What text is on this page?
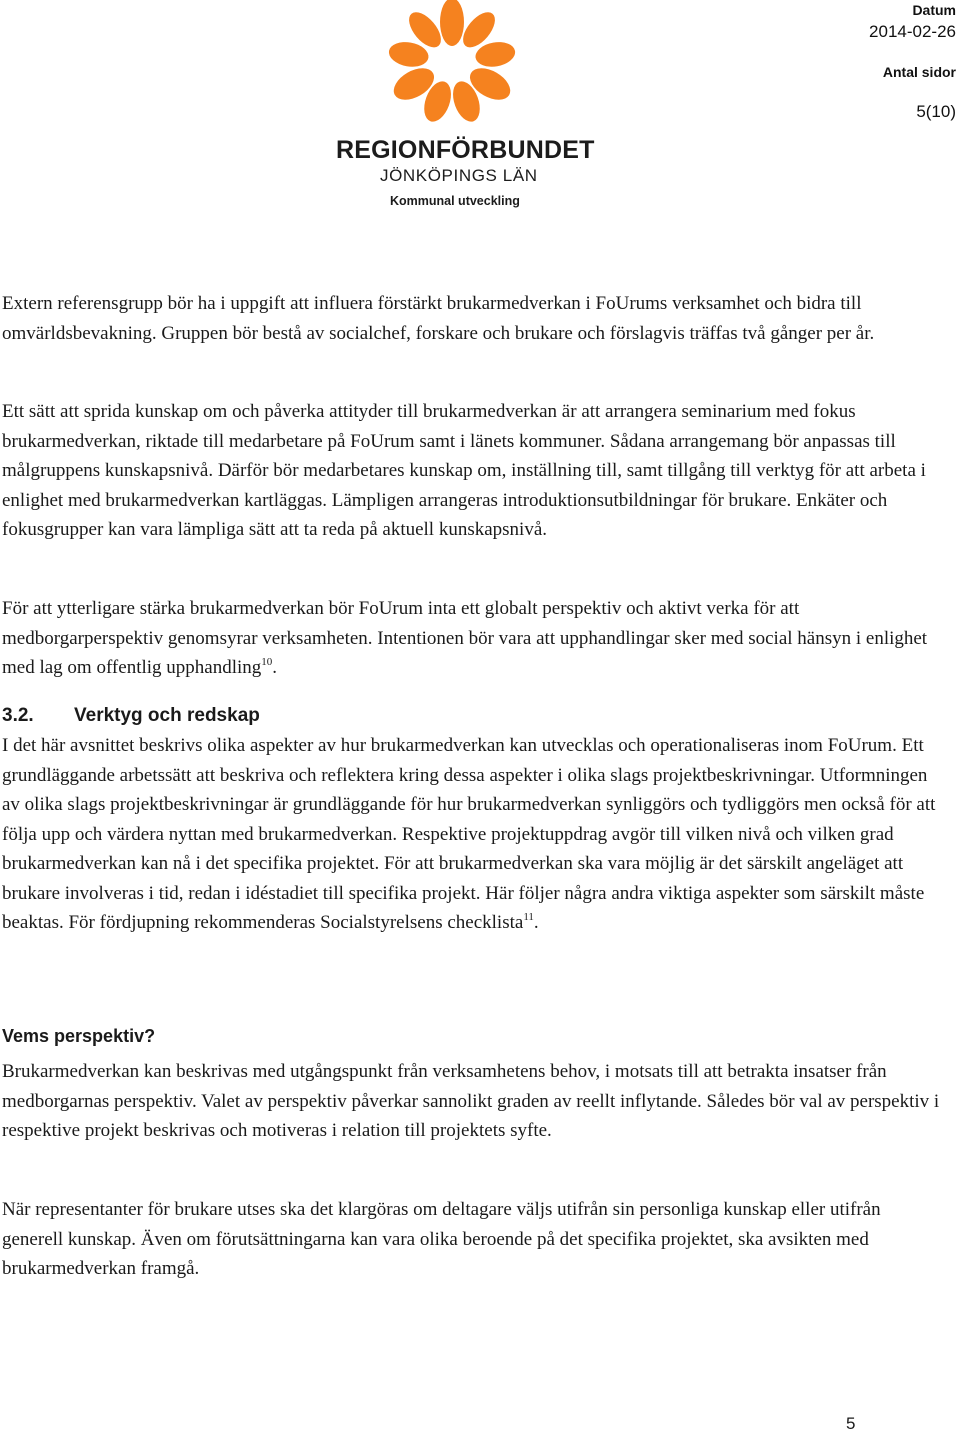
Datum
2014-02-26
Antal sidor
5(10)
REGIONFÖRBUNDET
JÖNKÖPINGS LÄN
Kommunal utveckling

Extern referensgrupp bör ha i uppgift att influera förstärkt brukarmedverkan i FoUrums verksamhet och bidra till omvärldsbevakning. Gruppen bör bestå av socialchef, forskare och brukare och förslagvis träffas två gånger per år.

Ett sätt att sprida kunskap om och påverka attityder till brukarmedverkan är att arrangera seminarium med fokus brukarmedverkan, riktade till medarbetare på FoUrum samt i länets kommuner. Sådana arrangemang bör anpassas till målgruppens kunskapsnivå. Därför bör medarbetares kunskap om, inställning till, samt tillgång till verktyg för att arbeta i enlighet med brukarmedverkan kartläggas. Lämpligen arrangeras introduktionsutbildningar för brukare. Enkäter och fokusgrupper kan vara lämpliga sätt att ta reda på aktuell kunskapsnivå.

För att ytterligare stärka brukarmedverkan bör FoUrum inta ett globalt perspektiv och aktivt verka för att medborgarperspektiv genomsyrar verksamheten. Intentionen bör vara att upphandlingar sker med social hänsyn i enlighet med lag om offentlig upphandling$^{10}$.

3.2. Verktyg och redskap

I det här avsnittet beskrivs olika aspekter av hur brukarmedverkan kan utvecklas och operationaliseras inom FoUrum. Ett grundläggande arbetssätt att beskriva och reflektera kring dessa aspekter i olika slags projektbeskrivningar. Utformningen av olika slags projektbeskrivningar är grundläggande för hur brukarmedverkan synliggörs och tydliggörs men också för att följa upp och värdera nyttan med brukarmedverkan. Respektive projektuppdrag avgör till vilken nivå och vilken grad brukarmedverkan kan nå i det specifika projektet. För att brukarmedverkan ska vara möjlig är det särskilt angeläget att brukare involveras i tid, redan i idéstadiet till specifika projekt. Här följer några andra viktiga aspekter som särskilt måste beaktas. För fördjupning rekommenderas Socialstyrelsens checklista$^{11}$.

Vems perspektiv?

Brukarmedverkan kan beskrivas med utgångspunkt från verksamhetens behov, i motsats till att betrakta insatser från medborgarnas perspektiv. Valet av perspektiv påverkar sannolikt graden av reellt inflytande. Således bör val av perspektiv i respektive projekt beskrivas och motiveras i relation till projektets syfte.

När representanter för brukare utses ska det klargöras om deltagare väljs utifrån sin personliga kunskap eller utifrån generell kunskap. Även om förutsättningarna kan vara olika beroende på det specifika projektet, ska avsikten med brukarmedverkan framgå.

5
